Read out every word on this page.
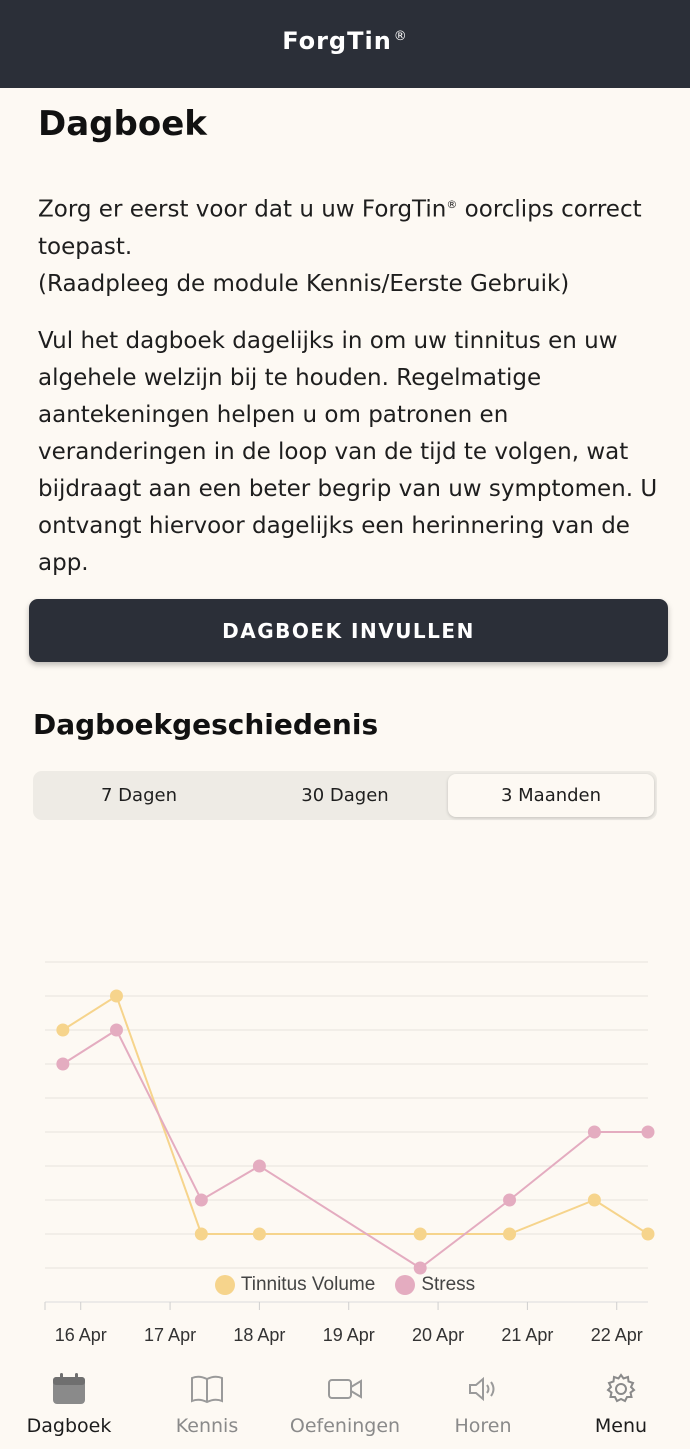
ForgTin ®
Dagboek
Zorg er eerst voor dat u uw ForgTin® oorclips correct toepast.
(Raadpleeg de module Kennis/Eerste Gebruik)
Vul het dagboek dagelijks in om uw tinnitus en uw algehele welzijn bij te houden. Regelmatige aantekeningen helpen u om patronen en veranderingen in de loop van de tijd te volgen, wat bijdraagt aan een beter begrip van uw symptomen. U ontvangt hiervoor dagelijks een herinnering van de app.
DAGBOEK INVULLEN
Dagboekgeschiedenis
7 Dagen	30 Dagen	3 Maanden
16 Apr 17 Apr 18 Apr 19 Apr 20 Apr 21 Apr 22 Apr
Tinnitus Volume Stress
Dagboek	Kennis	Oefeningen	Horen	Menu
